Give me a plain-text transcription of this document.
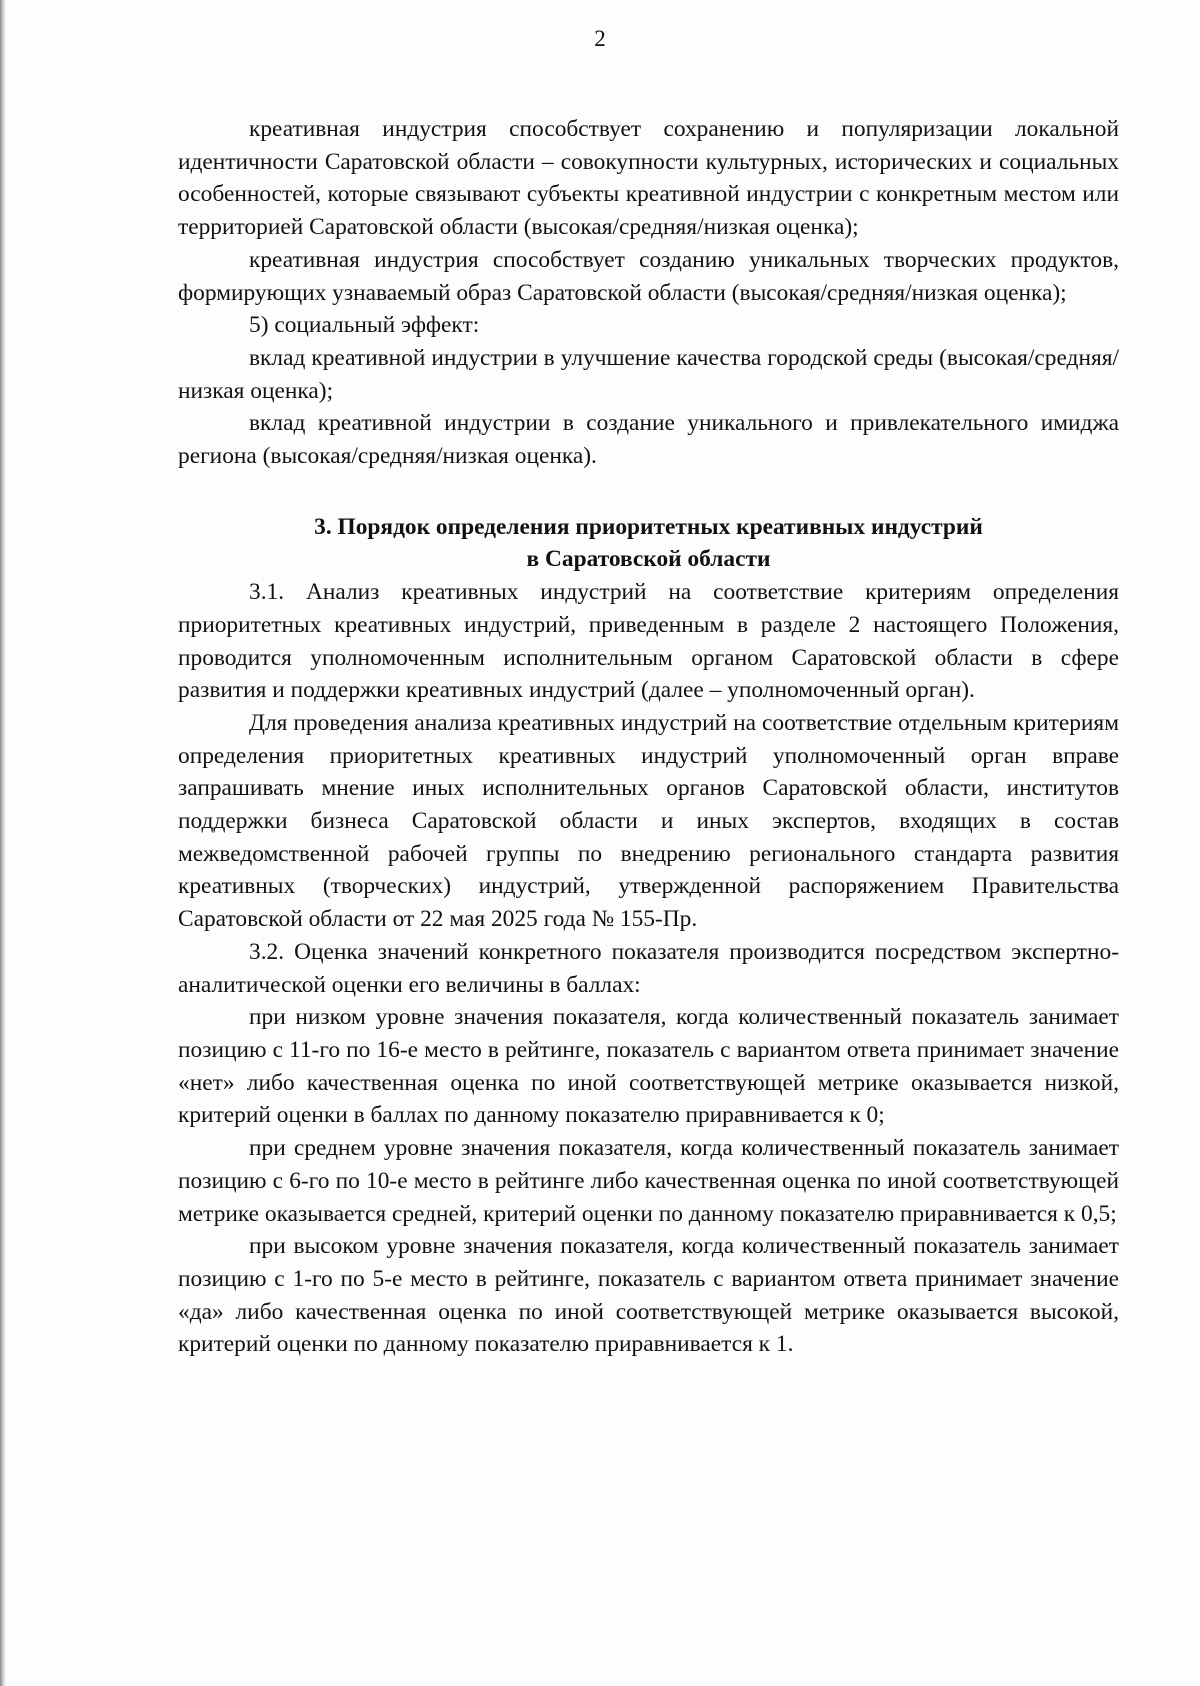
2

креативная индустрия способствует сохранению и популяризации локальной идентичности Саратовской области – совокупности культурных, исторических и социальных особенностей, которые связывают субъекты креативной индустрии с конкретным местом или территорией Саратовской области (высокая/средняя/низкая оценка);

креативная индустрия способствует созданию уникальных творческих продуктов, формирующих узнаваемый образ Саратовской области (высокая/средняя/низкая оценка);

5) социальный эффект:

вклад креативной индустрии в улучшение качества городской среды (высокая/средняя/низкая оценка);

вклад креативной индустрии в создание уникального и привлекательного имиджа региона (высокая/средняя/низкая оценка).

3. Порядок определения приоритетных креативных индустрий
в Саратовской области

3.1. Анализ креативных индустрий на соответствие критериям определения приоритетных креативных индустрий, приведенным в разделе 2 настоящего Положения, проводится уполномоченным исполнительным органом Саратовской области в сфере развития и поддержки креативных индустрий (далее – уполномоченный орган).

Для проведения анализа креативных индустрий на соответствие отдельным критериям определения приоритетных креативных индустрий уполномоченный орган вправе запрашивать мнение иных исполнительных органов Саратовской области, институтов поддержки бизнеса Саратовской области и иных экспертов, входящих в состав межведомственной рабочей группы по внедрению регионального стандарта развития креативных (творческих) индустрий, утвержденной распоряжением Правительства Саратовской области от 22 мая 2025 года № 155-Пр.

3.2. Оценка значений конкретного показателя производится посредством экспертно-аналитической оценки его величины в баллах:

при низком уровне значения показателя, когда количественный показатель занимает позицию с 11-го по 16-е место в рейтинге, показатель с вариантом ответа принимает значение «нет» либо качественная оценка по иной соответствующей метрике оказывается низкой, критерий оценки в баллах по данному показателю приравнивается к 0;

при среднем уровне значения показателя, когда количественный показатель занимает позицию с 6-го по 10-е место в рейтинге либо качественная оценка по иной соответствующей метрике оказывается средней, критерий оценки по данному показателю приравнивается к 0,5;

при высоком уровне значения показателя, когда количественный показатель занимает позицию с 1-го по 5-е место в рейтинге, показатель с вариантом ответа принимает значение «да» либо качественная оценка по иной соответствующей метрике оказывается высокой, критерий оценки по данному показателю приравнивается к 1.
